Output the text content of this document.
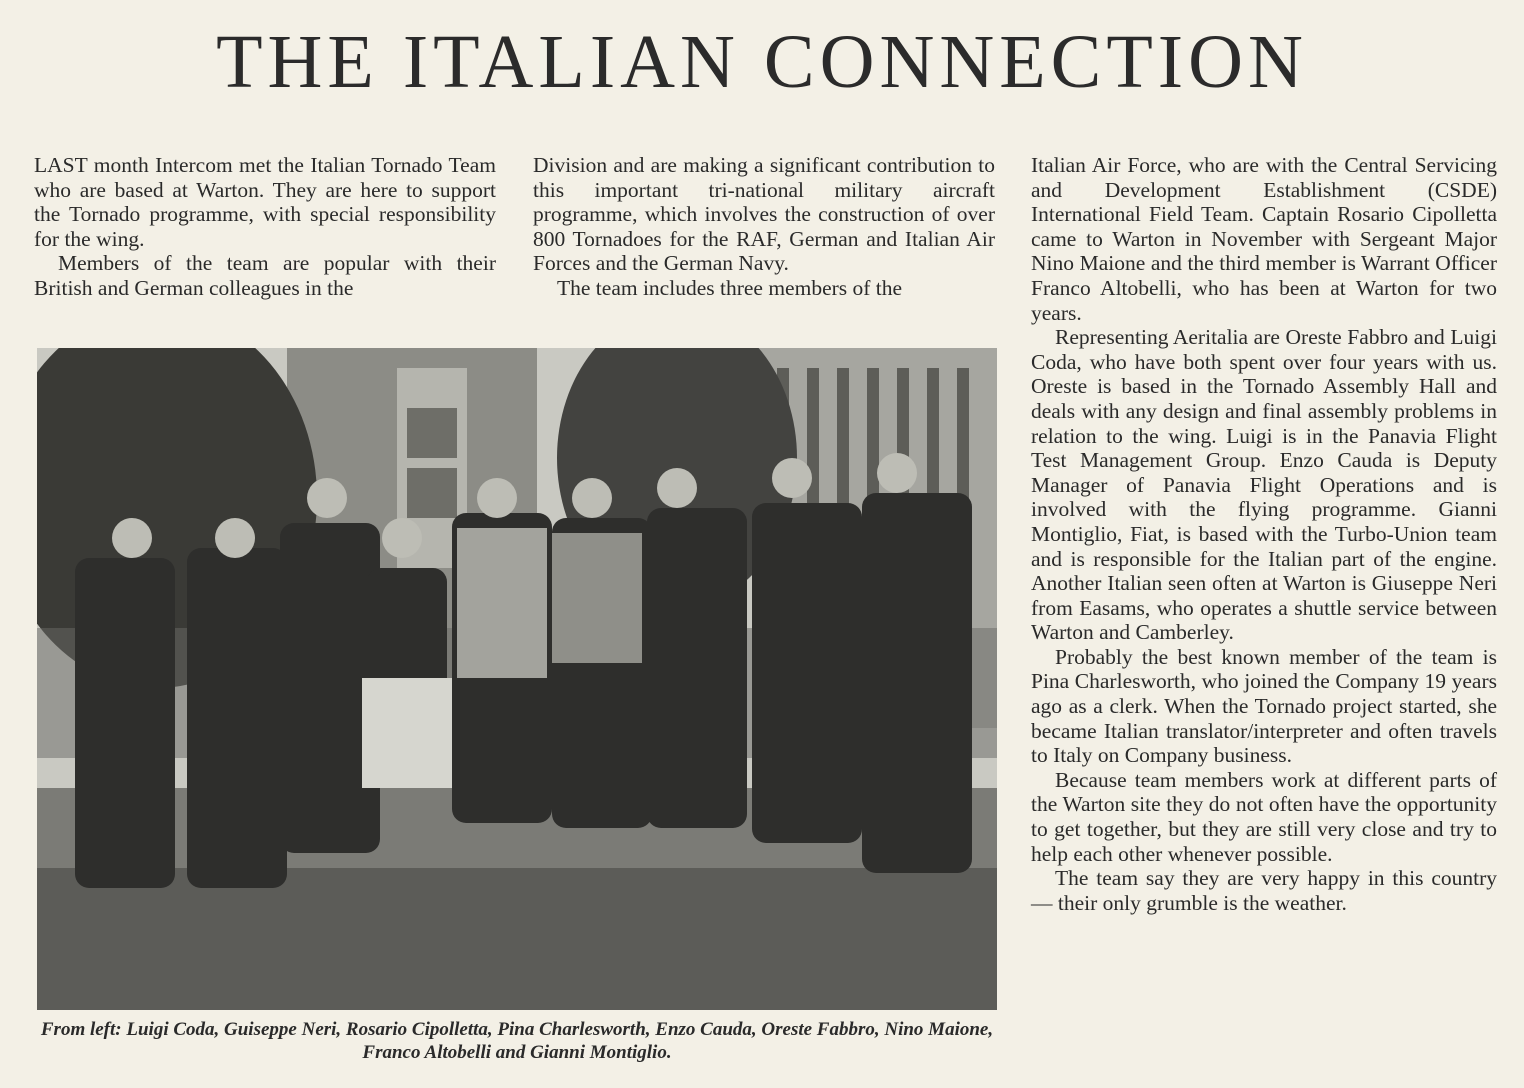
THE ITALIAN CONNECTION

LAST month Intercom met the Italian Tornado Team who are based at Warton. They are here to support the Tornado programme, with special responsibility for the wing.

Members of the team are popular with their British and German colleagues in the

Division and are making a significant contribution to this important tri-national military aircraft programme, which involves the construction of over 800 Tornadoes for the RAF, German and Italian Air Forces and the German Navy.

The team includes three members of the

Italian Air Force, who are with the Central Servicing and Development Establishment (CSDE) International Field Team. Captain Rosario Cipolletta came to Warton in November with Sergeant Major Nino Maione and the third member is Warrant Officer Franco Altobelli, who has been at Warton for two years.

Representing Aeritalia are Oreste Fabbro and Luigi Coda, who have both spent over four years with us. Oreste is based in the Tornado Assembly Hall and deals with any design and final assembly problems in relation to the wing. Luigi is in the Panavia Flight Test Management Group. Enzo Cauda is Deputy Manager of Panavia Flight Operations and is involved with the flying programme. Gianni Montiglio, Fiat, is based with the Turbo-Union team and is responsible for the Italian part of the engine. Another Italian seen often at Warton is Giuseppe Neri from Easams, who operates a shuttle service between Warton and Camberley.

Probably the best known member of the team is Pina Charlesworth, who joined the Company 19 years ago as a clerk. When the Tornado project started, she became Italian translator/interpreter and often travels to Italy on Company business.

Because team members work at different parts of the Warton site they do not often have the opportunity to get together, but they are still very close and try to help each other whenever possible.

The team say they are very happy in this country — their only grumble is the weather.

From left: Luigi Coda, Guiseppe Neri, Rosario Cipolletta, Pina Charlesworth, Enzo Cauda, Oreste Fabbro, Nino Maione, Franco Altobelli and Gianni Montiglio.
